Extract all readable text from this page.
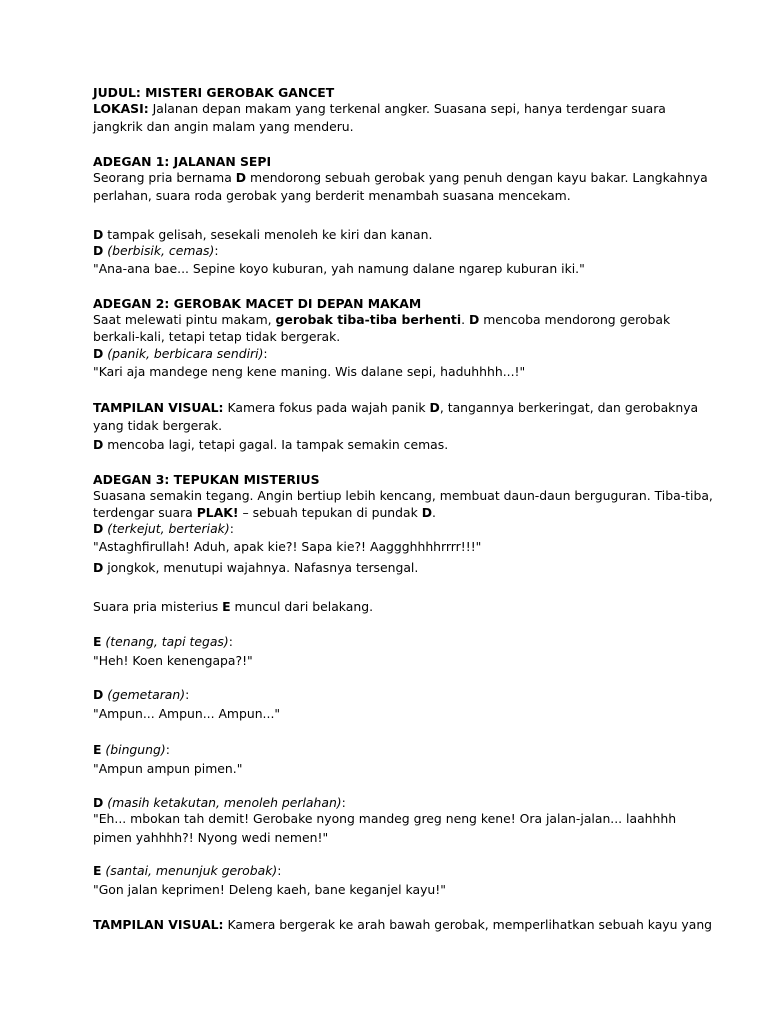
JUDUL: MISTERI GEROBAK GANCET

LOKASI: Jalanan depan makam yang terkenal angker. Suasana sepi, hanya terdengar suara

jangkrik dan angin malam yang menderu.

ADEGAN 1: JALANAN SEPI

Seorang pria bernama D mendorong sebuah gerobak yang penuh dengan kayu bakar. Langkahnya

perlahan, suara roda gerobak yang berderit menambah suasana mencekam.

D tampak gelisah, sesekali menoleh ke kiri dan kanan.

D (berbisik, cemas):

"Ana-ana bae... Sepine koyo kuburan, yah namung dalane ngarep kuburan iki."

ADEGAN 2: GEROBAK MACET DI DEPAN MAKAM

Saat melewati pintu makam, gerobak tiba-tiba berhenti. D mencoba mendorong gerobak

berkali-kali, tetapi tetap tidak bergerak.

D (panik, berbicara sendiri):

"Kari aja mandege neng kene maning. Wis dalane sepi, haduhhhh...!"

TAMPILAN VISUAL: Kamera fokus pada wajah panik D, tangannya berkeringat, dan gerobaknya

yang tidak bergerak.

D mencoba lagi, tetapi gagal. Ia tampak semakin cemas.

ADEGAN 3: TEPUKAN MISTERIUS

Suasana semakin tegang. Angin bertiup lebih kencang, membuat daun-daun berguguran. Tiba-tiba,

terdengar suara PLAK! – sebuah tepukan di pundak D.

D (terkejut, berteriak):

"Astaghfirullah! Aduh, apak kie?! Sapa kie?! Aaggghhhhrrrr!!!"

D jongkok, menutupi wajahnya. Nafasnya tersengal.

Suara pria misterius E muncul dari belakang.

E (tenang, tapi tegas):

"Heh! Koen kenengapa?!"

D (gemetaran):

"Ampun... Ampun... Ampun..."

E (bingung):

"Ampun ampun pimen."

D (masih ketakutan, menoleh perlahan):

"Eh... mbokan tah demit! Gerobake nyong mandeg greg neng kene! Ora jalan-jalan... laahhhh

pimen yahhhh?! Nyong wedi nemen!"

E (santai, menunjuk gerobak):

"Gon jalan keprimen! Deleng kaeh, bane keganjel kayu!"

TAMPILAN VISUAL: Kamera bergerak ke arah bawah gerobak, memperlihatkan sebuah kayu yang
